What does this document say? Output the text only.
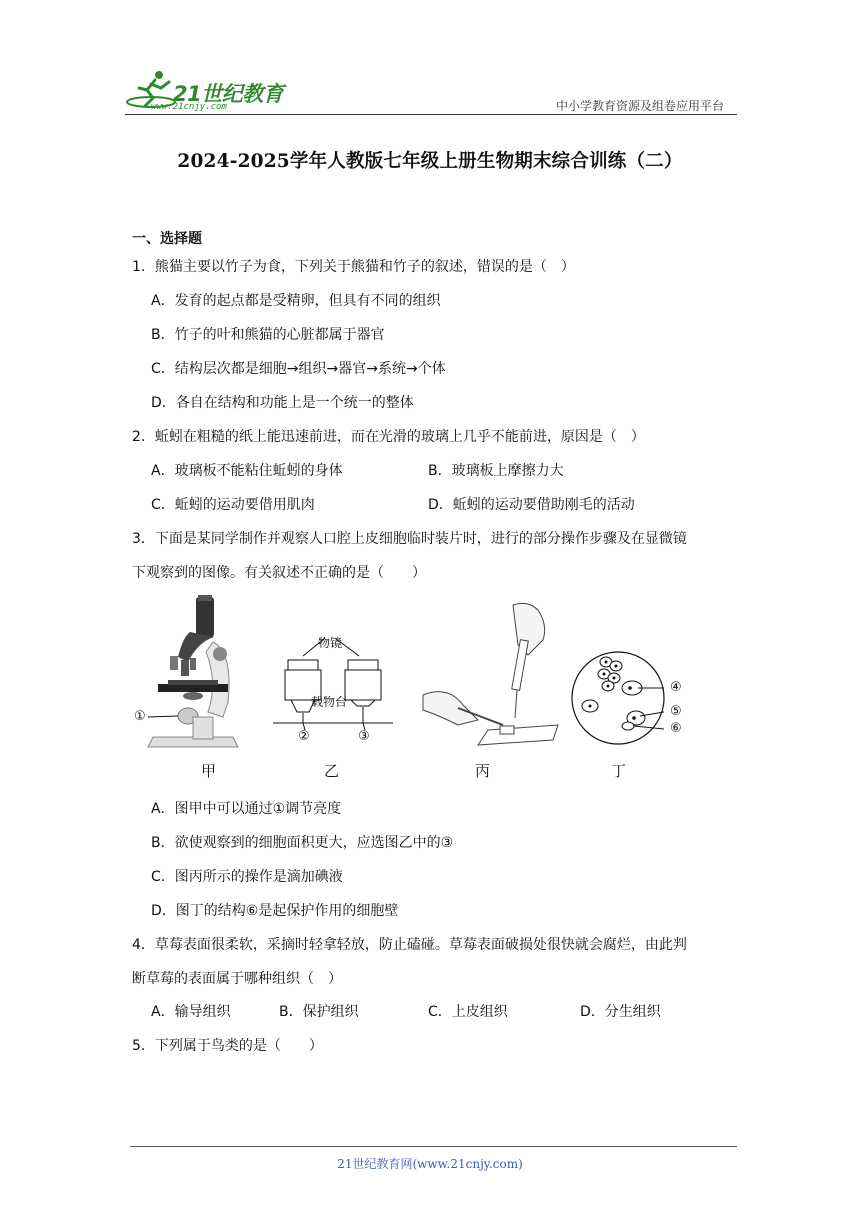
21世纪教育
www.21cnjy.com	中小学教育资源及组卷应用平台
2024-2025学年人教版七年级上册生物期末综合训练（二）
一、选择题
1．熊猫主要以竹子为食，下列关于熊猫和竹子的叙述，错误的是（　）
A．发育的起点都是受精卵，但具有不同的组织
B．竹子的叶和熊猫的心脏都属于器官
C．结构层次都是细胞→组织→器官→系统→个体
D．各自在结构和功能上是一个统一的整体
2．蚯蚓在粗糙的纸上能迅速前进，而在光滑的玻璃上几乎不能前进，原因是（　）
A．玻璃板不能粘住蚯蚓的身体	B．玻璃板上摩擦力大
C．蚯蚓的运动要借用肌肉	D．蚯蚓的运动要借助刚毛的活动
3．下面是某同学制作并观察人口腔上皮细胞临时装片时，进行的部分操作步骤及在显微镜
下观察到的图像。有关叙述不正确的是（　　）
①
甲
物镜
载物台
②	③
乙	丙
④
⑤
⑥
丁
A．图甲中可以通过①调节亮度
B．欲使观察到的细胞面积更大，应选图乙中的③
C．图丙所示的操作是滴加碘液
D．图丁的结构⑥是起保护作用的细胞壁
4．草莓表面很柔软，采摘时轻拿轻放，防止磕碰。草莓表面破损处很快就会腐烂，由此判
断草莓的表面属于哪种组织（　）
A．输导组织	B．保护组织	C．上皮组织	D．分生组织
5．下列属于鸟类的是（　　）
21世纪教育网(www.21cnjy.com)
